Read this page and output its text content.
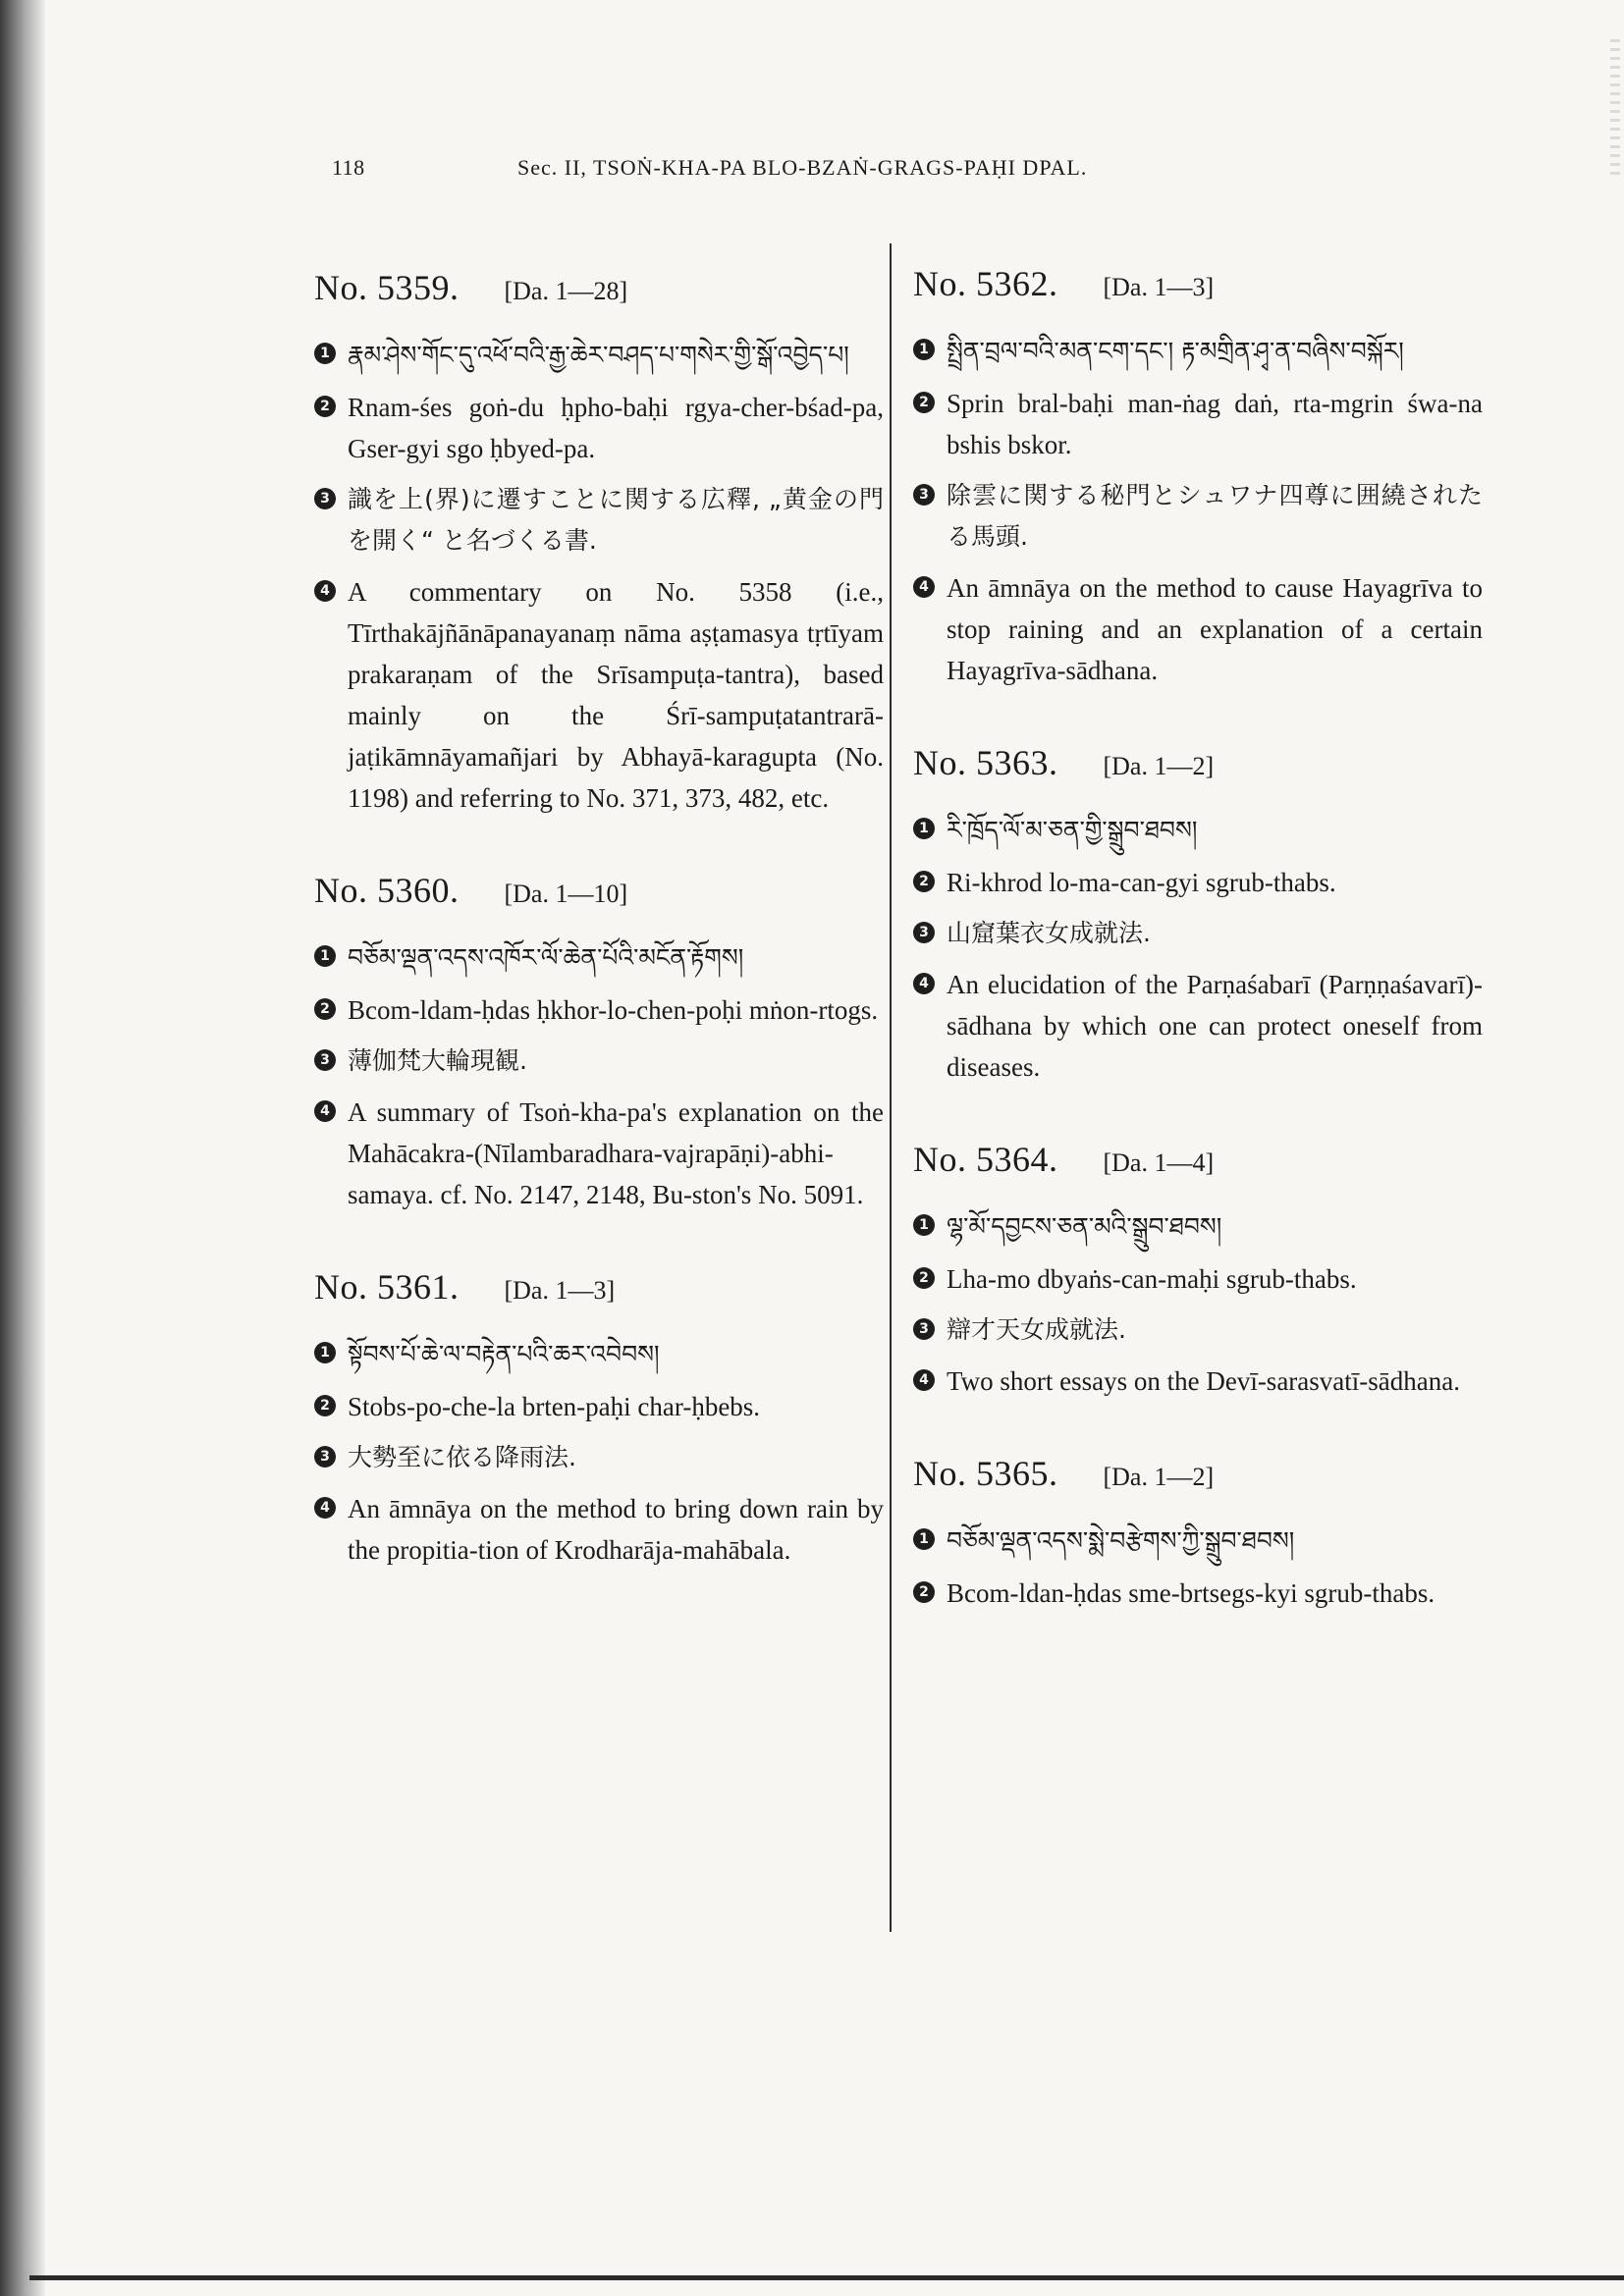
118	Sec. II, TSOṄ-KHA-PA BLO-BZAṄ-GRAGS-PAḤI DPAL.
No. 5359. [Da. 1—28]
1 རྣམ་ཤེས་གོང་དུ་འཕོ་བའི་རྒྱ་ཆེར་བཤད་པ་གསེར་གྱི་སྒོ་འབྱེད་པ།
2 Rnam-śes goṅ-du ḥpho-baḥi rgya-cher-bśad-pa, Gser-gyi sgo ḥbyed-pa.
3 識を上(界)に遷すことに関する広釋, „黄金の門を開く“ と名づくる書.
4 A commentary on No. 5358 (i.e., Tīrthakājñānāpanayanaṃ nāma aṣṭamasya tṛtīyam prakaraṇam of the Srīsampuṭa-tantra), based mainly on the Śrī-sampuṭatantrarā-jaṭikāmnāyamañjari by Abhayā-karagupta (No. 1198) and referring to No. 371, 373, 482, etc.
No. 5360. [Da. 1—10]
1 བཅོམ་ལྡན་འདས་འཁོར་ལོ་ཆེན་པོའི་མངོན་རྟོགས།
2 Bcom-ldam-ḥdas ḥkhor-lo-chen-poḥi mṅon-rtogs.
3 薄伽梵大輪現観.
4 A summary of Tsoṅ-kha-pa's explanation on the Mahācakra-(Nīlambaradhara-vajrapāṇi)-abhi-samaya. cf. No. 2147, 2148, Bu-ston's No. 5091.
No. 5361. [Da. 1—3]
1 སྟོབས་པོ་ཆེ་ལ་བརྟེན་པའི་ཆར་འབེབས།
2 Stobs-po-che-la brten-paḥi char-ḥbebs.
3 大勢至に依る降雨法.
4 An āmnāya on the method to bring down rain by the propitia-tion of Krodharāja-mahābala.
No. 5362. [Da. 1—3]
1 སྤྲིན་བྲལ་བའི་མན་ངག་དང་། རྟ་མགྲིན་ཤྭ་ན་བཞིས་བསྐོར།
2 Sprin bral-baḥi man-ṅag daṅ, rta-mgrin śwa-na bshis bskor.
3 除雲に関する秘門とシュワナ四尊に囲繞されたる馬頭.
4 An āmnāya on the method to cause Hayagrīva to stop raining and an explanation of a certain Hayagrīva-sādhana.
No. 5363. [Da. 1—2]
1 རི་ཁྲོད་ལོ་མ་ཅན་གྱི་སྒྲུབ་ཐབས།
2 Ri-khrod lo-ma-can-gyi sgrub-thabs.
3 山窟葉衣女成就法.
4 An elucidation of the Parṇaśabarī (Parṇṇaśavarī)-sādhana by which one can protect oneself from diseases.
No. 5364. [Da. 1—4]
1 ལྷ་མོ་དབྱངས་ཅན་མའི་སྒྲུབ་ཐབས།
2 Lha-mo dbyaṅs-can-maḥi sgrub-thabs.
3 辯才天女成就法.
4 Two short essays on the Devī-sarasvatī-sādhana.
No. 5365. [Da. 1—2]
1 བཅོམ་ལྡན་འདས་སྨེ་བརྩེགས་ཀྱི་སྒྲུབ་ཐབས།
2 Bcom-ldan-ḥdas sme-brtsegs-kyi sgrub-thabs.
